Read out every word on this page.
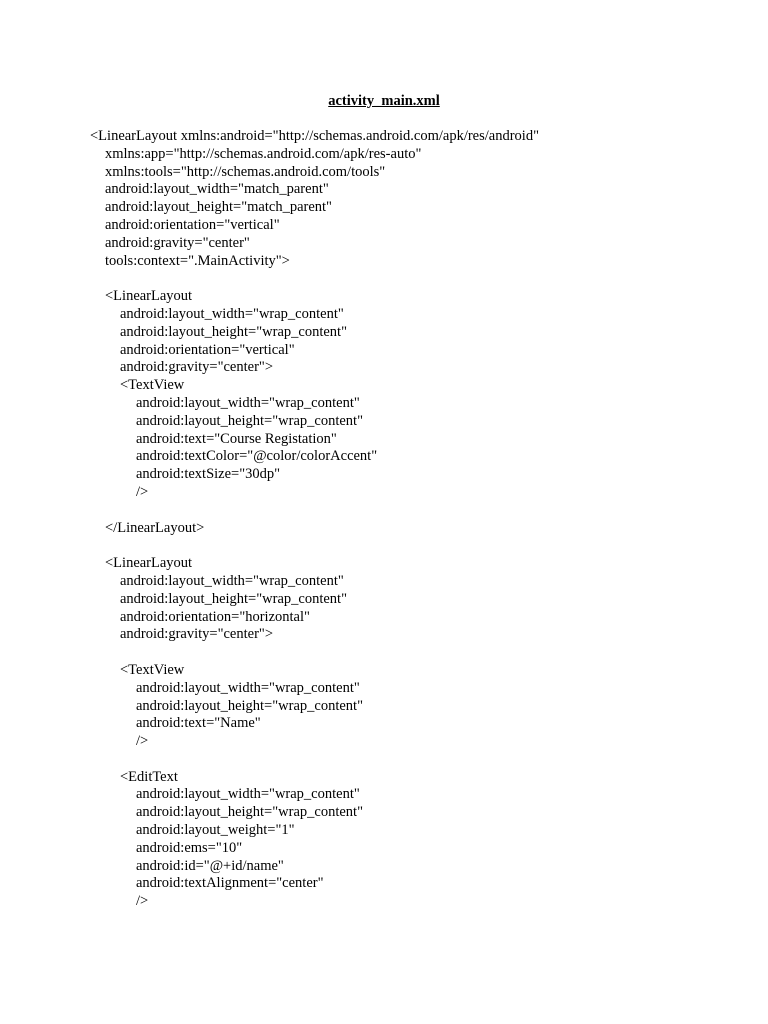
activity_main.xml
<LinearLayout xmlns:android="http://schemas.android.com/apk/res/android"
xmlns:app="http://schemas.android.com/apk/res-auto"
xmlns:tools="http://schemas.android.com/tools"
android:layout_width="match_parent"
android:layout_height="match_parent"
android:orientation="vertical"
android:gravity="center"
tools:context=".MainActivity">
<LinearLayout
android:layout_width="wrap_content"
android:layout_height="wrap_content"
android:orientation="vertical"
android:gravity="center">
<TextView
android:layout_width="wrap_content"
android:layout_height="wrap_content"
android:text="Course Registation"
android:textColor="@color/colorAccent"
android:textSize="30dp"
/>
</LinearLayout>
<LinearLayout
android:layout_width="wrap_content"
android:layout_height="wrap_content"
android:orientation="horizontal"
android:gravity="center">
<TextView
android:layout_width="wrap_content"
android:layout_height="wrap_content"
android:text="Name"
/>
<EditText
android:layout_width="wrap_content"
android:layout_height="wrap_content"
android:layout_weight="1"
android:ems="10"
android:id="@+id/name"
android:textAlignment="center"
/>
